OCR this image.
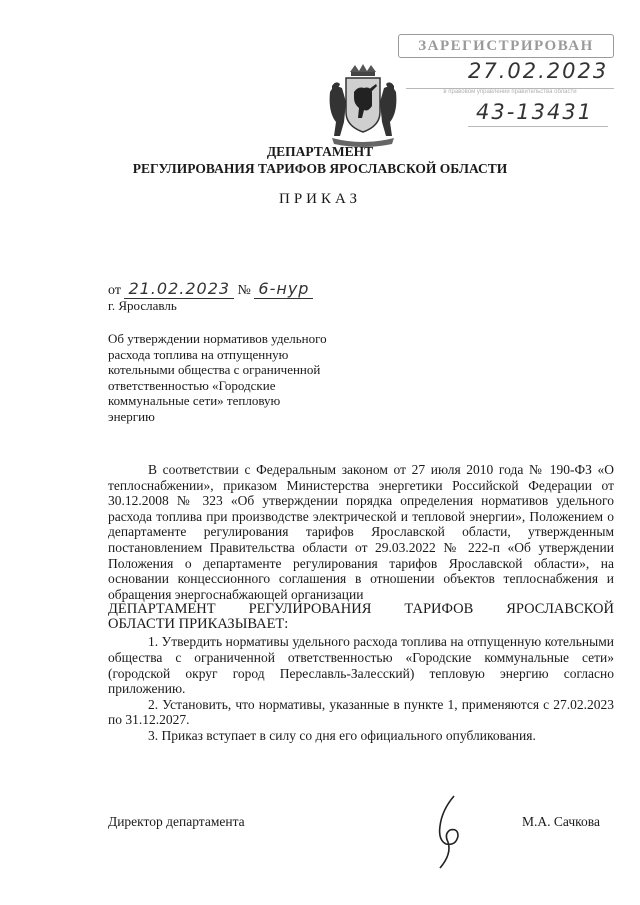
ЗАРЕГИСТРИРОВАН
27.02.2023
в правовом управлении правительства области
43-13431
ДЕПАРТАМЕНТ
РЕГУЛИРОВАНИЯ ТАРИФОВ ЯРОСЛАВСКОЙ ОБЛАСТИ
ПРИКАЗ
от 21.02.2023 № 6-нур
г. Ярославль
Об утверждении нормативов удельного расхода топлива на отпущенную котельными общества с ограниченной ответственностью «Городские коммунальные сети» тепловую энергию

В соответствии с Федеральным законом от 27 июля 2010 года № 190-ФЗ «О теплоснабжении», приказом Министерства энергетики Российской Федерации от 30.12.2008 № 323 «Об утверждении порядка определения нормативов удельного расхода топлива при производстве электрической и тепловой энергии», Положением о департаменте регулирования тарифов Ярославской области, утвержденным постановлением Правительства области от 29.03.2022 № 222-п «Об утверждении Положения о департаменте регулирования тарифов Ярославской области», на основании концессионного соглашения в отношении объектов теплоснабжения и обращения энергоснабжающей организации

ДЕПАРТАМЕНТ РЕГУЛИРОВАНИЯ ТАРИФОВ ЯРОСЛАВСКОЙ

ОБЛАСТИ ПРИКАЗЫВАЕТ:

1. Утвердить нормативы удельного расхода топлива на отпущенную котельными общества с ограниченной ответственностью «Городские коммунальные сети» (городской округ город Переславль-Залесский) тепловую энергию согласно приложению.

2. Установить, что нормативы, указанные в пункте 1, применяются с 27.02.2023 по 31.12.2027.

3. Приказ вступает в силу со дня его официального опубликования.

Директор департамента	М.А. Сачкова
